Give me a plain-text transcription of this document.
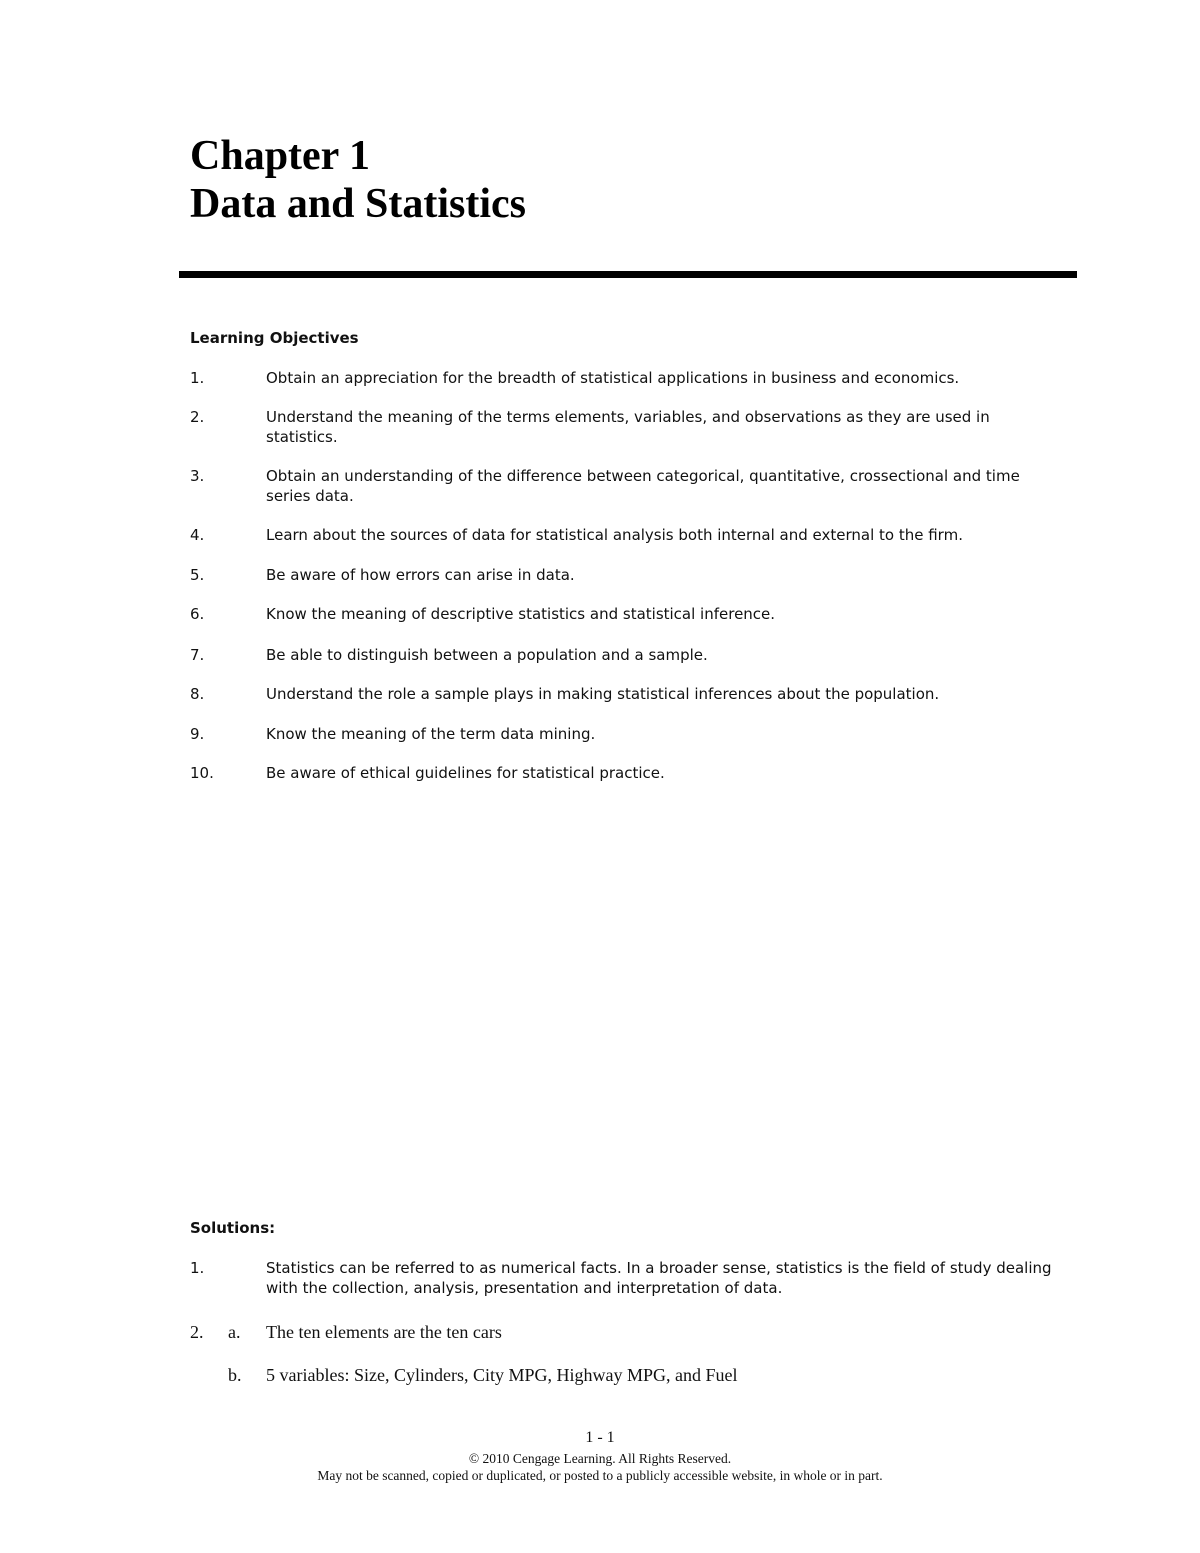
Chapter 1
Data and Statistics
Learning Objectives
1.	Obtain an appreciation for the breadth of statistical applications in business and economics.
2.	Understand the meaning of the terms elements, variables, and observations as they are used in statistics.
3.	Obtain an understanding of the difference between categorical, quantitative, crossectional and time series data.
4.	Learn about the sources of data for statistical analysis both internal and external to the firm.
5.	Be aware of how errors can arise in data.
6.	Know the meaning of descriptive statistics and statistical inference.
7.	Be able to distinguish between a population and a sample.
8.	Understand the role a sample plays in making statistical inferences about the population.
9.	Know the meaning of the term data mining.
10.	Be aware of ethical guidelines for statistical practice.
Solutions:
1.	Statistics can be referred to as numerical facts. In a broader sense, statistics is the field of study dealing with the collection, analysis, presentation and interpretation of data.
2. a. The ten elements are the ten cars
b. 5 variables: Size, Cylinders, City MPG, Highway MPG, and Fuel
1 - 1
© 2010 Cengage Learning. All Rights Reserved.
May not be scanned, copied or duplicated, or posted to a publicly accessible website, in whole or in part.
